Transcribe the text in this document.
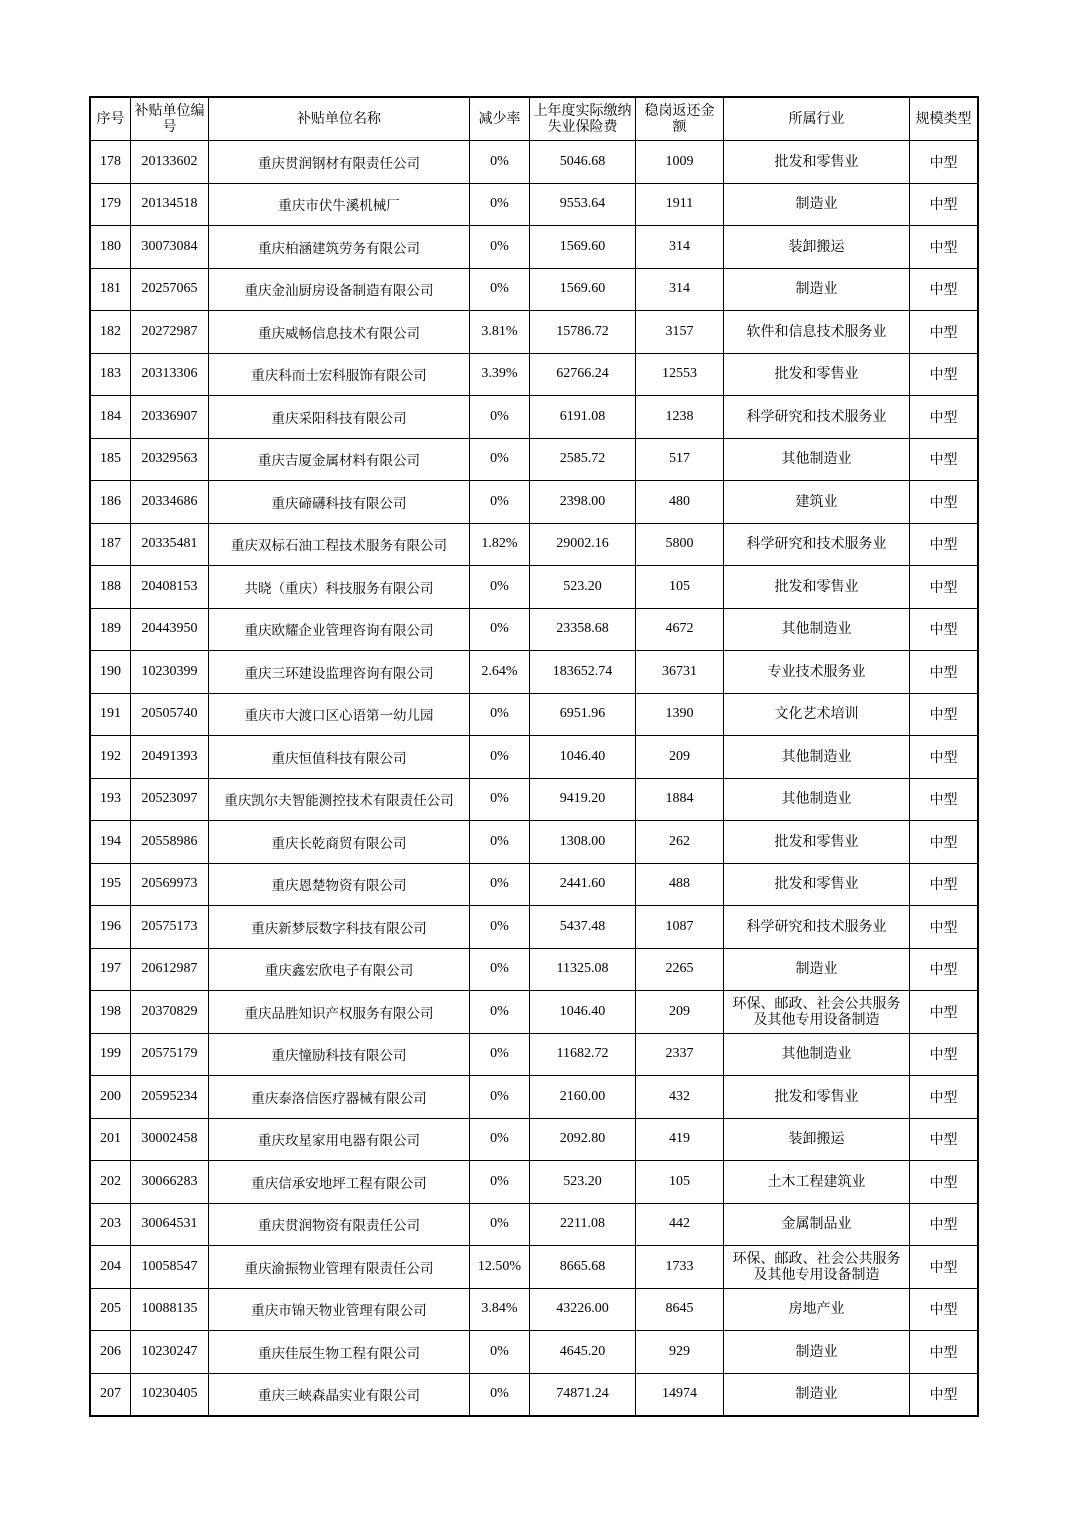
序号	补贴单位编号	补贴单位名称	减少率	上年度实际缴纳失业保险费	稳岗返还金额	所属行业	规模类型
178	20133602	重庆贯润钢材有限责任公司	0%	5046.68	1009	批发和零售业	中型
179	20134518	重庆市伏牛溪机械厂	0%	9553.64	1911	制造业	中型
180	30073084	重庆柏涵建筑劳务有限公司	0%	1569.60	314	装卸搬运	中型
181	20257065	重庆金汕厨房设备制造有限公司	0%	1569.60	314	制造业	中型
182	20272987	重庆威畅信息技术有限公司	3.81%	15786.72	3157	软件和信息技术服务业	中型
183	20313306	重庆科而士宏科服饰有限公司	3.39%	62766.24	12553	批发和零售业	中型
184	20336907	重庆采阳科技有限公司	0%	6191.08	1238	科学研究和技术服务业	中型
185	20329563	重庆吉厦金属材料有限公司	0%	2585.72	517	其他制造业	中型
186	20334686	重庆碲礴科技有限公司	0%	2398.00	480	建筑业	中型
187	20335481	重庆双标石油工程技术服务有限公司	1.82%	29002.16	5800	科学研究和技术服务业	中型
188	20408153	共晓（重庆）科技服务有限公司	0%	523.20	105	批发和零售业	中型
189	20443950	重庆欧耀企业管理咨询有限公司	0%	23358.68	4672	其他制造业	中型
190	10230399	重庆三环建设监理咨询有限公司	2.64%	183652.74	36731	专业技术服务业	中型
191	20505740	重庆市大渡口区心语第一幼儿园	0%	6951.96	1390	文化艺术培训	中型
192	20491393	重庆恒值科技有限公司	0%	1046.40	209	其他制造业	中型
193	20523097	重庆凯尔夫智能测控技术有限责任公司	0%	9419.20	1884	其他制造业	中型
194	20558986	重庆长乾商贸有限公司	0%	1308.00	262	批发和零售业	中型
195	20569973	重庆恩楚物资有限公司	0%	2441.60	488	批发和零售业	中型
196	20575173	重庆新梦辰数字科技有限公司	0%	5437.48	1087	科学研究和技术服务业	中型
197	20612987	重庆鑫宏欣电子有限公司	0%	11325.08	2265	制造业	中型
198	20370829	重庆品胜知识产权服务有限公司	0%	1046.40	209	环保、邮政、社会公共服务及其他专用设备制造	中型
199	20575179	重庆憧励科技有限公司	0%	11682.72	2337	其他制造业	中型
200	20595234	重庆泰洛信医疗器械有限公司	0%	2160.00	432	批发和零售业	中型
201	30002458	重庆玫星家用电器有限公司	0%	2092.80	419	装卸搬运	中型
202	30066283	重庆信承安地坪工程有限公司	0%	523.20	105	土木工程建筑业	中型
203	30064531	重庆贯润物资有限责任公司	0%	2211.08	442	金属制品业	中型
204	10058547	重庆渝振物业管理有限责任公司	12.50%	8665.68	1733	环保、邮政、社会公共服务及其他专用设备制造	中型
205	10088135	重庆市锦天物业管理有限公司	3.84%	43226.00	8645	房地产业	中型
206	10230247	重庆佳辰生物工程有限公司	0%	4645.20	929	制造业	中型
207	10230405	重庆三峡森晶实业有限公司	0%	74871.24	14974	制造业	中型
